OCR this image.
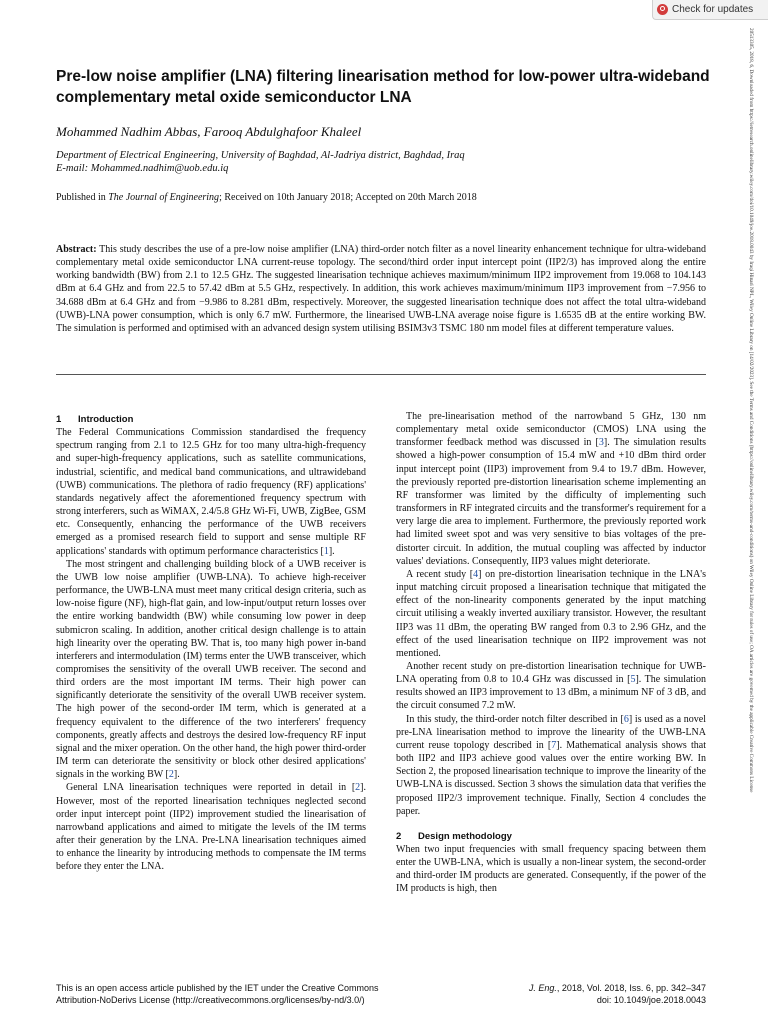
Check for updates
Pre-low noise amplifier (LNA) filtering linearisation method for low-power ultra-wideband complementary metal oxide semiconductor LNA
Mohammed Nadhim Abbas, Farooq Abdulghafoor Khaleel
Department of Electrical Engineering, University of Baghdad, Al-Jadriya district, Baghdad, Iraq
E-mail: Mohammed.nadhim@uob.edu.iq
Published in The Journal of Engineering; Received on 10th January 2018; Accepted on 20th March 2018
Abstract: This study describes the use of a pre-low noise amplifier (LNA) third-order notch filter as a novel linearity enhancement technique for ultra-wideband complementary metal oxide semiconductor LNA current-reuse topology. The second/third order input intercept point (IIP2/3) has improved along the entire working bandwidth (BW) from 2.1 to 12.5 GHz. The suggested linearisation technique achieves maximum/minimum IIP2 improvement from 19.068 to 104.143 dBm at 6.4 GHz and from 22.5 to 57.42 dBm at 5.5 GHz, respectively. In addition, this work achieves maximum/minimum IIP3 improvement from −7.956 to 34.688 dBm at 6.4 GHz and from −9.986 to 8.281 dBm, respectively. Moreover, the suggested linearisation technique does not affect the total ultra-wideband (UWB)-LNA power consumption, which is only 6.7 mW. Furthermore, the linearised UWB-LNA average noise figure is 1.6535 dB at the entire working BW. The simulation is performed and optimised with an advanced design system utilising BSIM3v3 TSMC 180 nm model files at different temperature values.

1 Introduction

The Federal Communications Commission standardised the frequency spectrum ranging from 2.1 to 12.5 GHz for too many ultra-high-frequency and super-high-frequency applications, such as satellite communications, industrial, scientific, and medical band communications, and ultrawideband (UWB) communications. The plethora of radio frequency (RF) applications' standards negatively affect the aforementioned frequency spectrum with strong interferers, such as WiMAX, 2.4/5.8 GHz Wi-Fi, UWB, ZigBee, GSM etc. Consequently, enhancing the performance of the UWB receivers emerged as a promised research field to support and sense multiple RF applications' standards with optimum performance characteristics [1].

The most stringent and challenging building block of a UWB receiver is the UWB low noise amplifier (UWB-LNA). To achieve high-receiver performance, the UWB-LNA must meet many critical design criteria, such as low-noise figure (NF), high-flat gain, and low-input/output return losses over the entire working bandwidth (BW) while consuming low power in deep submicron scaling. In addition, another critical design challenge is to attain high linearity over the operating BW. That is, too many high power in-band interferers and intermodulation (IM) terms enter the UWB transceiver, which compromises the sensitivity of the overall UWB receiver. The second and third orders are the most important IM terms. Their high power can significantly deteriorate the sensitivity of the overall UWB receiver system. The high power of the second-order IM term, which is generated at a frequency equivalent to the difference of the two interferers' frequency components, greatly affects and destroys the desired low-frequency RF input signal and the mixer operation. On the other hand, the high power third-order IM term can deteriorate the sensitivity or block other desired applications' signals in the working BW [2].

General LNA linearisation techniques were reported in detail in [2]. However, most of the reported linearisation techniques neglected second order input intercept point (IIP2) improvement studied the linearisation of narrowband applications and aimed to mitigate the levels of the IM terms after their generation by the LNA. Pre-LNA linearisation techniques aimed to enhance the linearity by introducing methods to compensate the IM terms before they enter the LNA.

The pre-linearisation method of the narrowband 5 GHz, 130 nm complementary metal oxide semiconductor (CMOS) LNA using the transformer feedback method was discussed in [3]. The simulation results showed a high-power consumption of 15.4 mW and +10 dBm third order input intercept point (IIP3) improvement from 9.4 to 19.7 dBm. However, the previously reported pre-distortion linearisation scheme implementing an RF transformer was limited by the difficulty of implementing such transformers in RF integrated circuits and the transformer's requirement for a very large die area to implement. Furthermore, the previously reported work had limited sweet spot and was very sensitive to bias voltages of the pre-distorter circuit. In addition, the mutual coupling was affected by inductor values' deviations. Consequently, IIP3 values might deteriorate.

A recent study [4] on pre-distortion linearisation technique in the LNA's input matching circuit proposed a linearisation technique that mitigated the effect of the non-linearity components generated by the input matching circuit utilising a weakly inverted auxiliary transistor. However, the resultant IIP3 was 11 dBm, the operating BW ranged from 0.3 to 2.96 GHz, and the effect of the used linearisation technique on IIP2 improvement was not mentioned.

Another recent study on pre-distortion linearisation technique for UWB-LNA operating from 0.8 to 10.4 GHz was discussed in [5]. The simulation results showed an IIP3 improvement to 13 dBm, a minimum NF of 3 dB, and the circuit consumed 7.2 mW.

In this study, the third-order notch filter described in [6] is used as a novel pre-LNA linearisation method to improve the linearity of the UWB-LNA current reuse topology described in [7]. Mathematical analysis shows that both IIP2 and IIP3 achieve good values over the entire working BW. In Section 2, the proposed linearisation technique to improve the linearity of the UWB-LNA is discussed. Section 3 shows the simulation data that verifies the proposed IIP2/3 improvement technique. Finally, Section 4 concludes the paper.

2 Design methodology

When two input frequencies with small frequency spacing between them enter the UWB-LNA, which is usually a non-linear system, the second-order and third-order IM products are generated. Consequently, if the power of the IM products is high, then

This is an open access article published by the IET under the Creative Commons
Attribution-NoDerivs License (http://creativecommons.org/licenses/by-nd/3.0/)
J. Eng., 2018, Vol. 2018, Iss. 6, pp. 342–347
doi: 10.1049/joe.2018.0043
20513305, 2018, 6, Downloaded from https://ietresearch.onlinelibrary.wiley.com/doi/10.1049/joe.2018.0043 by Iraqi Hinari NPL, Wiley Online Library on [14/02/2023]. See the Terms and Conditions (https://onlinelibrary.wiley.com/terms-and-conditions) on Wiley Online Library for rules of use; OA articles are governed by the applicable Creative Commons License
